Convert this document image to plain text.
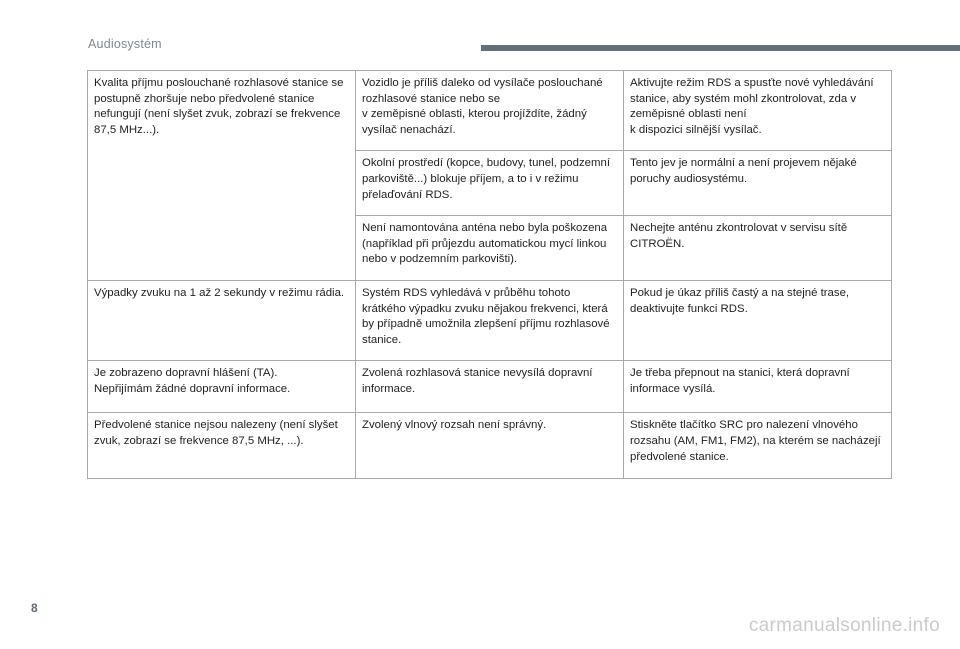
Audiosystém
Kvalita příjmu poslouchané rozhlasové stanice se postupně zhoršuje nebo předvolené stanice nefungují (není slyšet zvuk, zobrazí se frekvence 87,5 MHz...).	Vozidlo je příliš daleko od vysílače poslouchané rozhlasové stanice nebo se
v zeměpisné oblasti, kterou projíždíte, žádný vysílač nenachází.	Aktivujte režim RDS a spusťte nové vyhledávání stanice, aby systém mohl zkontrolovat, zda v zeměpisné oblasti není
k dispozici silnější vysílač.
	Okolní prostředí (kopce, budovy, tunel, podzemní parkoviště...) blokuje příjem, a to i v režimu přelaďování RDS.	Tento jev je normální a není projevem nějaké poruchy audiosystému.
	Není namontována anténa nebo byla poškozena (například při průjezdu automatickou mycí linkou nebo v podzemním parkovišti).	Nechejte anténu zkontrolovat v servisu sítě CITROËN.
Výpadky zvuku na 1 až 2 sekundy v režimu rádia.	Systém RDS vyhledává v průběhu tohoto krátkého výpadku zvuku nějakou frekvenci, která by případně umožnila zlepšení příjmu rozhlasové stanice.	Pokud je úkaz příliš častý a na stejné trase, deaktivujte funkci RDS.
Je zobrazeno dopravní hlášení (TA).
Nepřijímám žádné dopravní informace.	Zvolená rozhlasová stanice nevysílá dopravní informace.	Je třeba přepnout na stanici, která dopravní informace vysílá.
Předvolené stanice nejsou nalezeny (není slyšet zvuk, zobrazí se frekvence 87,5 MHz, ...).	Zvolený vlnový rozsah není správný.	Stiskněte tlačítko SRC pro nalezení vlnového rozsahu (AM, FM1, FM2), na kterém se nacházejí předvolené stanice.
8
carmanualsonline.info
